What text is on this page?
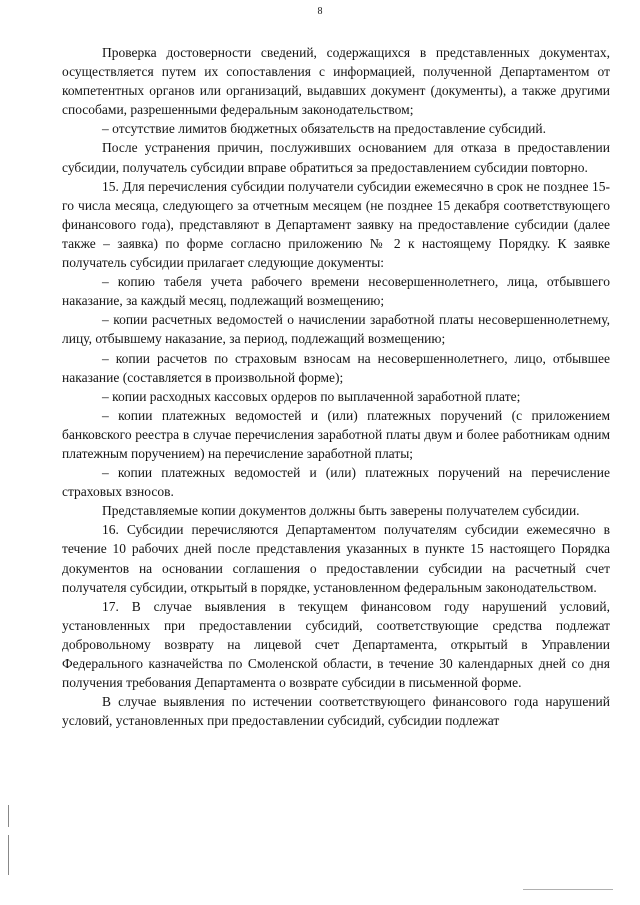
8

Проверка достоверности сведений, содержащихся в представленных документах, осуществляется путем их сопоставления с информацией, полученной Департаментом от компетентных органов или организаций, выдавших документ (документы), а также другими способами, разрешенными федеральным законодательством;

– отсутствие лимитов бюджетных обязательств на предоставление субсидий.

После устранения причин, послуживших основанием для отказа в предоставлении субсидии, получатель субсидии вправе обратиться за предоставлением субсидии повторно.

15. Для перечисления субсидии получатели субсидии ежемесячно в срок не позднее 15-го числа месяца, следующего за отчетным месяцем (не позднее 15 декабря соответствующего финансового года), представляют в Департамент заявку на предоставление субсидии (далее также – заявка) по форме согласно приложению № 2 к настоящему Порядку. К заявке получатель субсидии прилагает следующие документы:

– копию табеля учета рабочего времени несовершеннолетнего, лица, отбывшего наказание, за каждый месяц, подлежащий возмещению;

– копии расчетных ведомостей о начислении заработной платы несовершеннолетнему, лицу, отбывшему наказание, за период, подлежащий возмещению;

– копии расчетов по страховым взносам на несовершеннолетнего, лицо, отбывшее наказание (составляется в произвольной форме);

– копии расходных кассовых ордеров по выплаченной заработной плате;

– копии платежных ведомостей и (или) платежных поручений (с приложением банковского реестра в случае перечисления заработной платы двум и более работникам одним платежным поручением) на перечисление заработной платы;

– копии платежных ведомостей и (или) платежных поручений на перечисление страховых взносов.

Представляемые копии документов должны быть заверены получателем субсидии.

16. Субсидии перечисляются Департаментом получателям субсидии ежемесячно в течение 10 рабочих дней после представления указанных в пункте 15 настоящего Порядка документов на основании соглашения о предоставлении субсидии на расчетный счет получателя субсидии, открытый в порядке, установленном федеральным законодательством.

17. В случае выявления в текущем финансовом году нарушений условий, установленных при предоставлении субсидий, соответствующие средства подлежат добровольному возврату на лицевой счет Департамента, открытый в Управлении Федерального казначейства по Смоленской области, в течение 30 календарных дней со дня получения требования Департамента о возврате субсидии в письменной форме.

В случае выявления по истечении соответствующего финансового года нарушений условий, установленных при предоставлении субсидий, субсидии подлежат
